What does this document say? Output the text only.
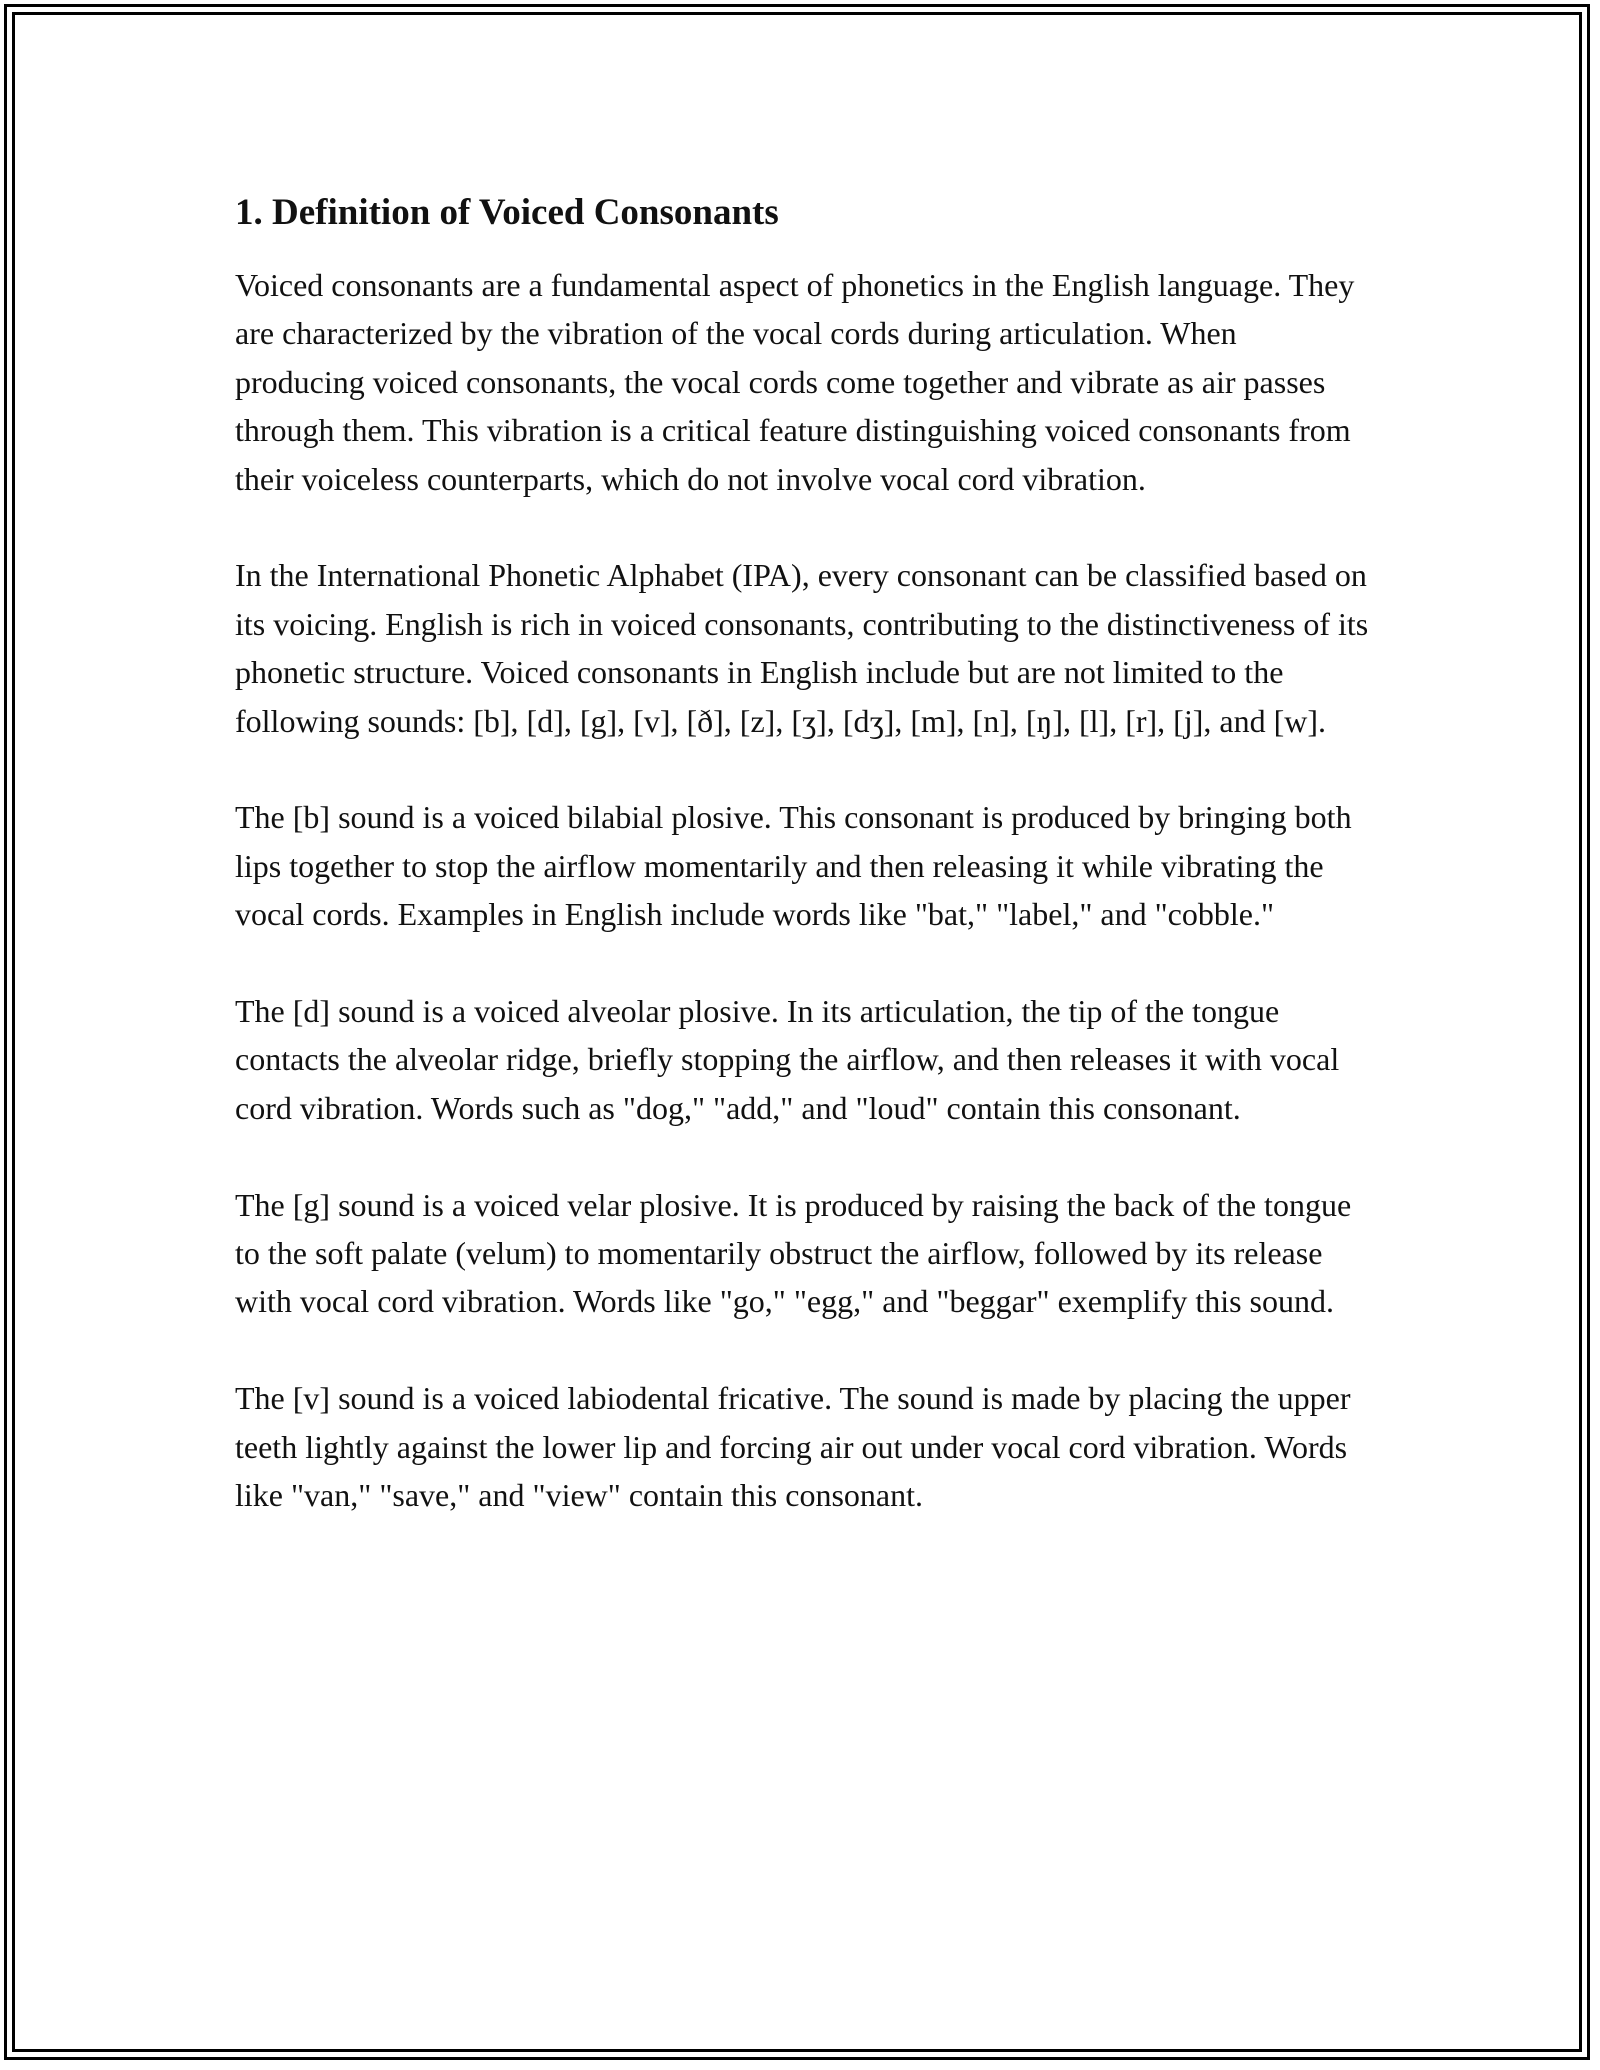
1. Definition of Voiced Consonants

Voiced consonants are a fundamental aspect of phonetics in the English language. They are characterized by the vibration of the vocal cords during articulation. When producing voiced consonants, the vocal cords come together and vibrate as air passes through them. This vibration is a critical feature distinguishing voiced consonants from their voiceless counterparts, which do not involve vocal cord vibration.

In the International Phonetic Alphabet (IPA), every consonant can be classified based on its voicing. English is rich in voiced consonants, contributing to the distinctiveness of its phonetic structure. Voiced consonants in English include but are not limited to the following sounds: [b], [d], [g], [v], [ð], [z], [ʒ], [dʒ], [m], [n], [ŋ], [l], [r], [j], and [w].

The [b] sound is a voiced bilabial plosive. This consonant is produced by bringing both lips together to stop the airflow momentarily and then releasing it while vibrating the vocal cords. Examples in English include words like "bat," "label," and "cobble."

The [d] sound is a voiced alveolar plosive. In its articulation, the tip of the tongue contacts the alveolar ridge, briefly stopping the airflow, and then releases it with vocal cord vibration. Words such as "dog," "add," and "loud" contain this consonant.

The [g] sound is a voiced velar plosive. It is produced by raising the back of the tongue to the soft palate (velum) to momentarily obstruct the airflow, followed by its release with vocal cord vibration. Words like "go," "egg," and "beggar" exemplify this sound.

The [v] sound is a voiced labiodental fricative. The sound is made by placing the upper teeth lightly against the lower lip and forcing air out under vocal cord vibration. Words like "van," "save," and "view" contain this consonant.
